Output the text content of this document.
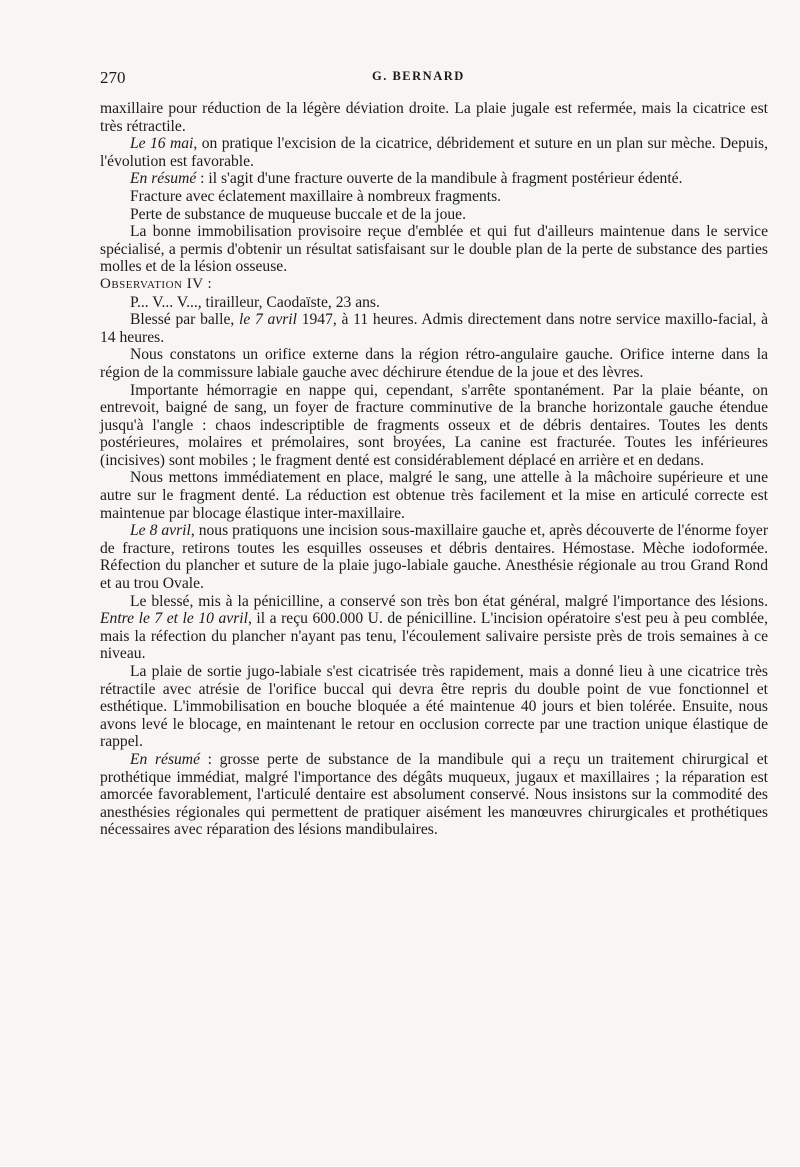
270	G. BERNARD

maxillaire pour réduction de la légère déviation droite. La plaie jugale est refermée, mais la cicatrice est très rétractile.

Le 16 mai, on pratique l'excision de la cicatrice, débridement et suture en un plan sur mèche. Depuis, l'évolution est favorable.

En résumé : il s'agit d'une fracture ouverte de la mandibule à fragment postérieur édenté.

Fracture avec éclatement maxillaire à nombreux fragments.

Perte de substance de muqueuse buccale et de la joue.

La bonne immobilisation provisoire reçue d'emblée et qui fut d'ailleurs maintenue dans le service spécialisé, a permis d'obtenir un résultat satisfaisant sur le double plan de la perte de substance des parties molles et de la lésion osseuse.

Observation IV :

P... V... V..., tirailleur, Caodaïste, 23 ans.

Blessé par balle, le 7 avril 1947, à 11 heures. Admis directement dans notre service maxillo-facial, à 14 heures.

Nous constatons un orifice externe dans la région rétro-angulaire gauche. Orifice interne dans la région de la commissure labiale gauche avec déchirure étendue de la joue et des lèvres.

Importante hémorragie en nappe qui, cependant, s'arrête spontanément. Par la plaie béante, on entrevoit, baigné de sang, un foyer de fracture comminutive de la branche horizontale gauche étendue jusqu'à l'angle : chaos indescriptible de fragments osseux et de débris dentaires. Toutes les dents postérieures, molaires et prémolaires, sont broyées, La canine est fracturée. Toutes les inférieures (incisives) sont mobiles ; le fragment denté est considérablement déplacé en arrière et en dedans.

Nous mettons immédiatement en place, malgré le sang, une attelle à la mâchoire supérieure et une autre sur le fragment denté. La réduction est obtenue très facilement et la mise en articulé correcte est maintenue par blocage élastique inter-maxillaire.

Le 8 avril, nous pratiquons une incision sous-maxillaire gauche et, après découverte de l'énorme foyer de fracture, retirons toutes les esquilles osseuses et débris dentaires. Hémostase. Mèche iodoformée. Réfection du plancher et suture de la plaie jugo-labiale gauche. Anesthésie régionale au trou Grand Rond et au trou Ovale.

Le blessé, mis à la pénicilline, a conservé son très bon état général, malgré l'importance des lésions. Entre le 7 et le 10 avril, il a reçu 600.000 U. de pénicilline. L'incision opératoire s'est peu à peu comblée, mais la réfection du plancher n'ayant pas tenu, l'écoulement salivaire persiste près de trois semaines à ce niveau.

La plaie de sortie jugo-labiale s'est cicatrisée très rapidement, mais a donné lieu à une cicatrice très rétractile avec atrésie de l'orifice buccal qui devra être repris du double point de vue fonctionnel et esthétique. L'immobilisation en bouche bloquée a été maintenue 40 jours et bien tolérée. Ensuite, nous avons levé le blocage, en maintenant le retour en occlusion correcte par une traction unique élastique de rappel.

En résumé : grosse perte de substance de la mandibule qui a reçu un traitement chirurgical et prothétique immédiat, malgré l'importance des dégâts muqueux, jugaux et maxillaires ; la réparation est amorcée favorablement, l'articulé dentaire est absolument conservé. Nous insistons sur la commodité des anesthésies régionales qui permettent de pratiquer aisément les manœuvres chirurgicales et prothétiques nécessaires avec réparation des lésions mandibulaires.
